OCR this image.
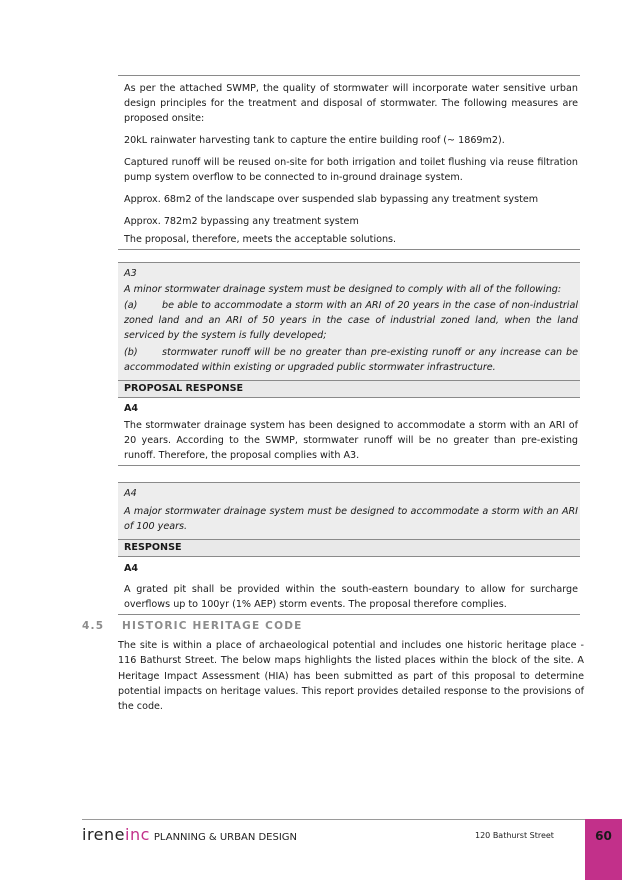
As per the attached SWMP, the quality of stormwater will incorporate water sensitive urban design principles for the treatment and disposal of stormwater. The following measures are proposed onsite:

20kL rainwater harvesting tank to capture the entire building roof (~ 1869m2).

Captured runoff will be reused on-site for both irrigation and toilet flushing via reuse filtration pump system overflow to be connected to in-ground drainage system.

Approx. 68m2 of the landscape over suspended slab bypassing any treatment system

Approx. 782m2 bypassing any treatment system

The proposal, therefore, meets the acceptable solutions.

A3

A minor stormwater drainage system must be designed to comply with all of the following:

(a)	be able to accommodate a storm with an ARI of 20 years in the case of non-industrial zoned land and an ARI of 50 years in the case of industrial zoned land, when the land serviced by the system is fully developed;

(b)	stormwater runoff will be no greater than pre-existing runoff or any increase can be accommodated within existing or upgraded public stormwater infrastructure.

PROPOSAL RESPONSE

A4

The stormwater drainage system has been designed to accommodate a storm with an ARI of 20 years. According to the SWMP, stormwater runoff will be no greater than pre-existing runoff. Therefore, the proposal complies with A3.

A4

A major stormwater drainage system must be designed to accommodate a storm with an ARI of 100 years.

RESPONSE

A4

A grated pit shall be provided within the south-eastern boundary to allow for surcharge overflows up to 100yr (1% AEP) storm events. The proposal therefore complies.

4.5 HISTORIC HERITAGE CODE

The site is within a place of archaeological potential and includes one historic heritage place - 116 Bathurst Street. The below maps highlights the listed places within the block of the site. A Heritage Impact Assessment (HIA) has been submitted as part of this proposal to determine potential impacts on heritage values. This report provides detailed response to the provisions of the code.

ireneinc PLANNING & URBAN DESIGN	120 Bathurst Street	60
